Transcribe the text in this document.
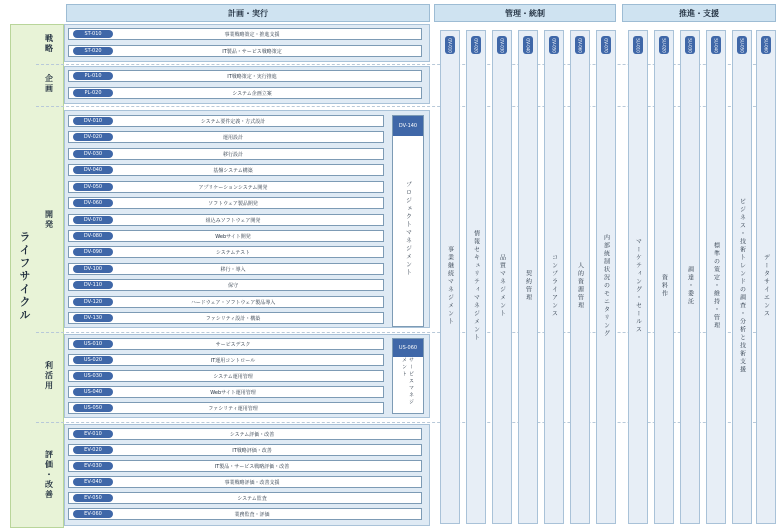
計画・実行	管理・統制	推進・支援
ライフサイクル
戦略
企画
開発
利活用
評価・改善
ST-010	事業戦略策定・推進支援
ST-020	IT製品・サービス戦略策定
PL-010	IT戦略策定・実行推進
PL-020	システム企画立案
DV-010	システム要件定義・方式設計
DV-020	運用設計
DV-030	移行設計
DV-040	基盤システム構築
DV-050	アプリケーションシステム開発
DV-060	ソフトウェア製品開発
DV-070	組込みソフトウェア開発
DV-080	Webサイト開発
DV-090	システムテスト
DV-100	移行・導入
DV-110	保守
DV-120	ハードウェア・ソフトウェア製品導入
DV-130	ファシリティ設計・構築
DV-140
プロジェクトマネジメント
US-010	サービスデスク
US-020	IT運用コントロール
US-030	システム運用管理
US-040	Webサイト運用管理
US-050	ファシリティ運用管理
US-060
サービスマネジメント
EV-010	システム評価・改善
EV-020	IT戦略評価・改善
EV-030	IT製品・サービス戦略評価・改善
EV-040	事業戦略評価・改善支援
EV-050	システム監査
EV-060	業務監査・評価
GV-010
事業継続マネジメント
GV-020
情報セキュリティマネジメント
GV-030
品質マネジメント
GV-040
契約管理
GV-050
コンプライアンス
GV-060
人的資源管理
GV-070
内部統制状況のモニタリング
SU-010
マーケティング・セールス
SU-020
資料作
SU-030
調達・委託
SU-040
標準の策定・維持・管理
SU-050
ビジネス・技術トレンドの調査・分析と技術支援
SU-060
データサイエンス
